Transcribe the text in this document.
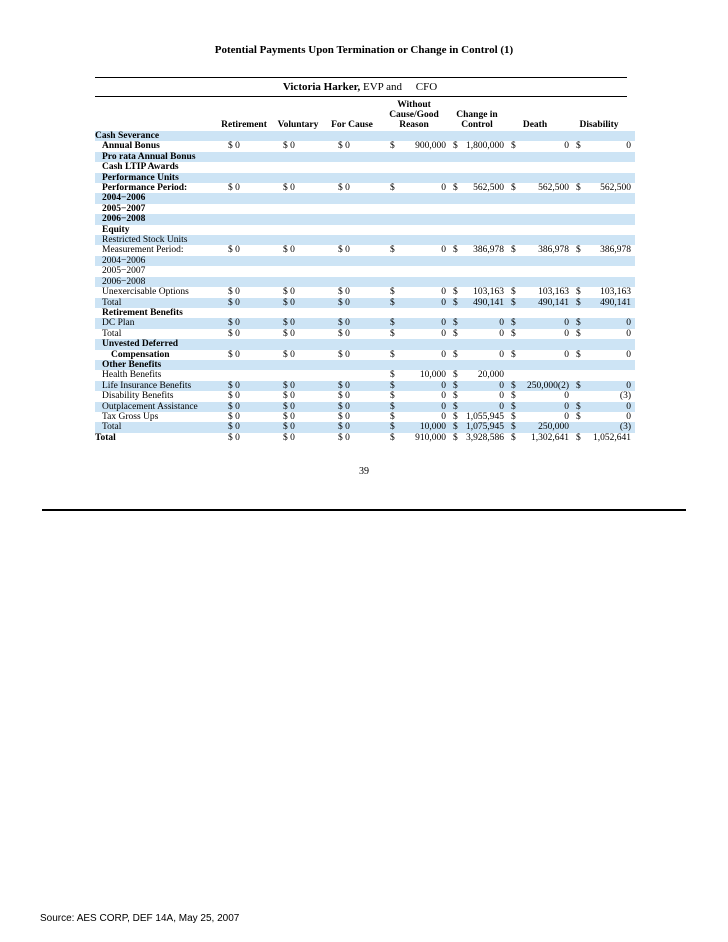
Potential Payments Upon Termination or Change in Control (1)
Victoria Harker, EVP and CFO
Retirement	Voluntary	For Cause
Without
Cause/Good
Reason
Change in
Control	Death	Disability
Cash Severance														
Annual Bonus	$ 0		$ 0		$ 0		$	900,000	$	1,800,000	$	0	$	0
Pro rata Annual Bonus														
Cash LTIP Awards														
Performance Units														
Performance Period:	$ 0		$ 0		$ 0		$	0	$	562,500	$	562,500	$	562,500
2004−2006														
2005−2007														
2006−2008														
Equity														
Restricted Stock Units														
Measurement Period:	$ 0		$ 0		$ 0		$	0	$	386,978	$	386,978	$	386,978
2004−2006														
2005−2007														
2006−2008														
Unexercisable Options	$ 0		$ 0		$ 0		$	0	$	103,163	$	103,163	$	103,163
Total	$ 0		$ 0		$ 0		$	0	$	490,141	$	490,141	$	490,141
Retirement Benefits														
DC Plan	$ 0		$ 0		$ 0		$	0	$	0	$	0	$	0
Total	$ 0		$ 0		$ 0		$	0	$	0	$	0	$	0
Unvested Deferred														
Compensation	$ 0		$ 0		$ 0		$	0	$	0	$	0	$	0
Other Benefits														
Health Benefits							$	10,000	$	20,000				
Life Insurance Benefits	$ 0		$ 0		$ 0		$	0	$	0	$	250,000(2)	$	0
Disability Benefits	$ 0		$ 0		$ 0		$	0	$	0	$	0		(3)
Outplacement Assistance	$ 0		$ 0		$ 0		$	0	$	0	$	0	$	0
Tax Gross Ups	$ 0		$ 0		$ 0		$	0	$	1,055,945	$	0	$	0
Total	$ 0		$ 0		$ 0		$	10,000	$	1,075,945	$	250,000		(3)
Total	$ 0		$ 0		$ 0		$	910,000	$	3,928,586	$	1,302,641	$	1,052,641
39
Source: AES CORP, DEF 14A, May 25, 2007
